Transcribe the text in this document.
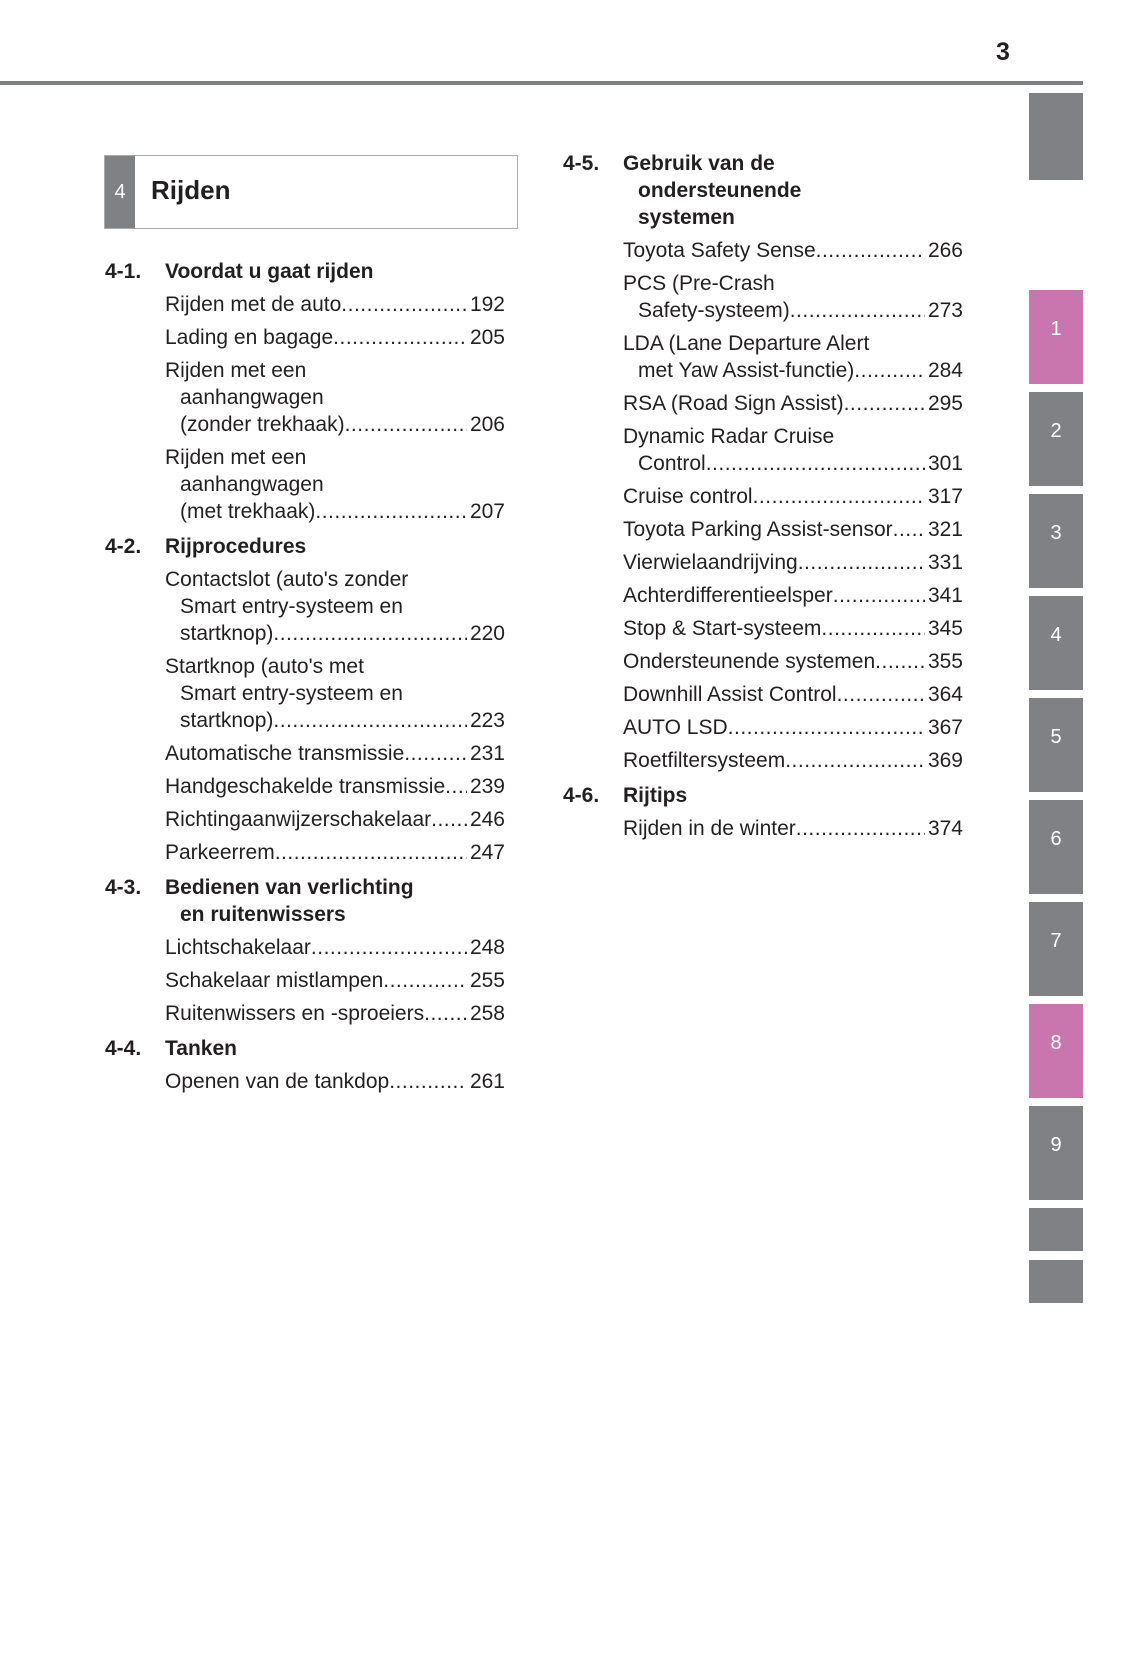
3
4 Rijden
4-1.	Voordat u gaat rijden
Rijden met de auto .....	192
Lading en bagage .....	205
Rijden met een
aanhangwagen
(zonder trekhaak) .....	206
Rijden met een
aanhangwagen
(met trekhaak) .....	207
4-2.	Rijprocedures
Contactslot (auto's zonder
Smart entry-systeem en
startknop) .....	220
Startknop (auto's met
Smart entry-systeem en
startknop) .....	223
Automatische transmissie .....	231
Handgeschakelde transmissie ..... 239
Richtingaanwijzerschakelaar ..... 246
Parkeerrem .....	247
4-3.	Bedienen van verlichting
en ruitenwissers
Lichtschakelaar .....	248
Schakelaar mistlampen .....	255
Ruitenwissers en -sproeiers ..... 258
4-4.	Tanken
Openen van de tankdop .....	261
4-5.	Gebruik van de
ondersteunende
systemen
Toyota Safety Sense .....	266
PCS (Pre-Crash
Safety-systeem) .....	273
LDA (Lane Departure Alert
met Yaw Assist-functie) .....	284
RSA (Road Sign Assist) .....	295
Dynamic Radar Cruise
Control .....	301
Cruise control .....	317
Toyota Parking Assist-sensor ..... 321
Vierwielaandrijving .....	331
Achterdifferentieelsper .....	341
Stop & Start-systeem .....	345
Ondersteunende systemen .....	355
Downhill Assist Control .....	364
AUTO LSD .....	367
Roetfiltersysteem .....	369
4-6.	Rijtips
Rijden in de winter .....	374
1
2
3
4
5
6
7
8
9
